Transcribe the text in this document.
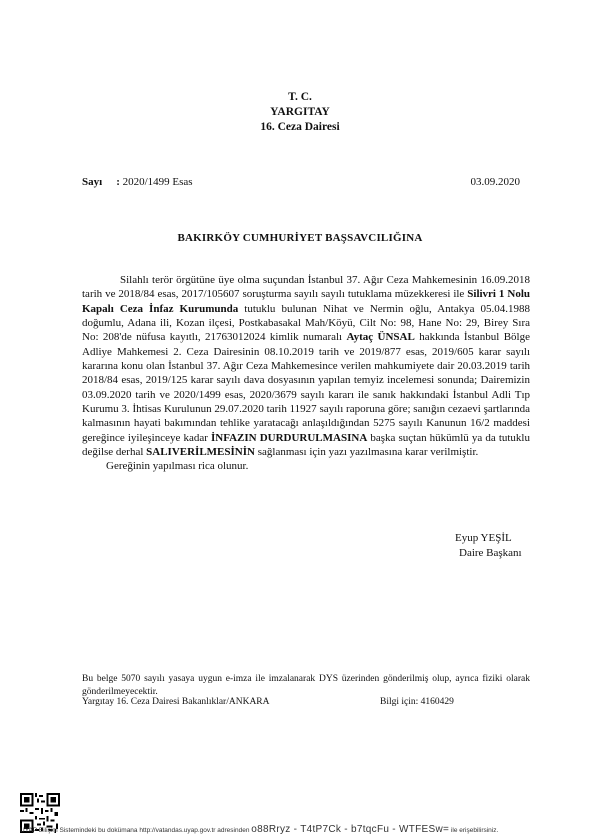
T. C.
YARGITAY
16. Ceza Dairesi
Sayı : 2020/1499 Esas	03.09.2020
BAKIRKÖY CUMHURİYET BAŞSAVCILIĞINA

Silahlı terör örgütüne üye olma suçundan İstanbul 37. Ağır Ceza Mahkemesinin 16.09.2018 tarih ve 2018/84 esas, 2017/105607 soruşturma sayılı sayılı tutuklama müzekkeresi ile Silivri 1 Nolu Kapalı Ceza İnfaz Kurumunda tutuklu bulunan Nihat ve Nermin oğlu, Antakya 05.04.1988 doğumlu, Adana ili, Kozan ilçesi, Postkabasakal Mah/Köyü, Cilt No: 98, Hane No: 29, Birey Sıra No: 208'de nüfusa kayıtlı, 21763012024 kimlik numaralı Aytaç ÜNSAL hakkında İstanbul Bölge Adliye Mahkemesi 2. Ceza Dairesinin 08.10.2019 tarih ve 2019/877 esas, 2019/605 karar sayılı kararına konu olan İstanbul 37. Ağır Ceza Mahkemesince verilen mahkumiyete dair 20.03.2019 tarih 2018/84 esas, 2019/125 karar sayılı dava dosyasının yapılan temyiz incelemesi sonunda; Dairemizin 03.09.2020 tarih ve 2020/1499 esas, 2020/3679 sayılı kararı ile sanık hakkındaki İstanbul Adli Tıp Kurumu 3. İhtisas Kurulunun 29.07.2020 tarih 11927 sayılı raporuna göre; sanığın cezaevi şartlarında kalmasının hayati bakımından tehlike yaratacağı anlaşıldığından 5275 sayılı Kanunun 16/2 maddesi gereğince iyileşinceye kadar İNFAZIN DURDURULMASINA başka suçtan hükümlü ya da tutuklu değilse derhal SALIVERİLMESİNİN sağlanması için yazı yazılmasına karar verilmiştir.

Gereğinin yapılması rica olunur.

Eyup YEŞİL
Daire Başkanı
Bu belge 5070 sayılı yasaya uygun e-imza ile imzalanarak DYS üzerinden gönderilmiş olup, ayrıca fiziki olarak gönderilmeyecektir.
Yargıtay 16. Ceza Dairesi Bakanlıklar/ANKARA	Bilgi için: 4160429
UYAP Bilişim Sistemindeki bu dokümana http://vatandas.uyap.gov.tr adresinden o88Rryz - T4tP7Ck - b7tqcFu - WTFESw= ile erişebilirsiniz.
